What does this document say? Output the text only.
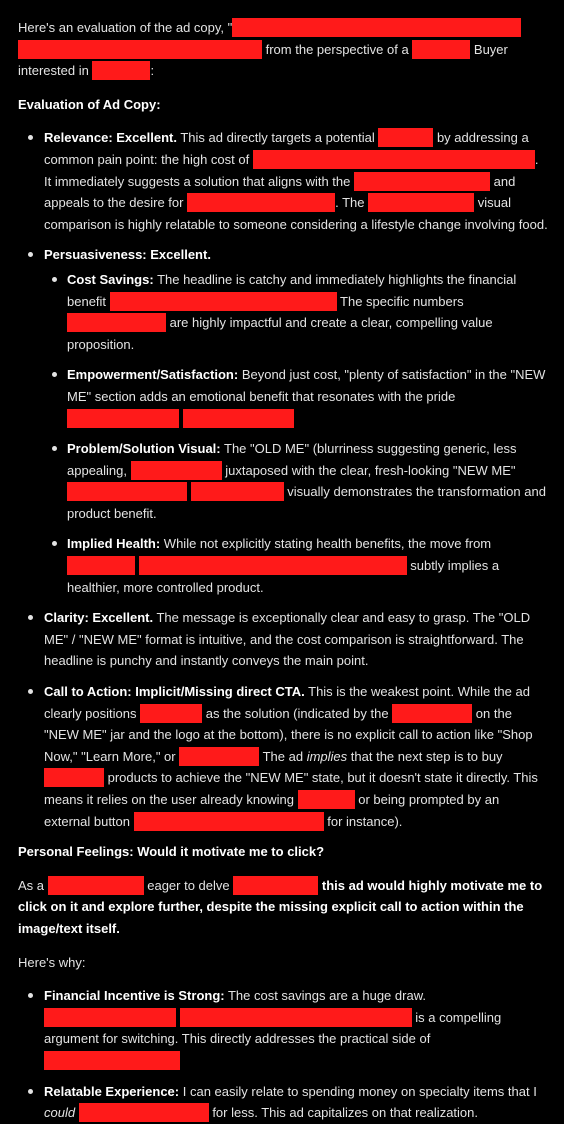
Here's an evaluation of the ad copy, "  from the perspective of a	Buyer interested in	:

Evaluation of Ad Copy:

Relevance: Excellent. This ad directly targets a potential	by addressing a common pain point: the high cost of	. It immediately suggests a solution that aligns with the	and appeals to the desire for	. The	visual comparison is highly relatable to someone considering a lifestyle change involving food.
Persuasiveness: Excellent.
Cost Savings: The headline is catchy and immediately highlights the financial benefit	The specific numbers  are highly impactful and create a clear, compelling value proposition.
Empowerment/Satisfaction: Beyond just cost, "plenty of satisfaction" in the "NEW ME" section adds an emotional benefit that resonates with the pride
Problem/Solution Visual: The "OLD ME" (blurriness suggesting generic, less appealing,	juxtaposed with the clear, fresh-looking "NEW ME"   visually demonstrates the transformation and product benefit.
Implied Health: While not explicitly stating health benefits, the move from   subtly implies a healthier, more controlled product.
Clarity: Excellent. The message is exceptionally clear and easy to grasp. The "OLD ME" / "NEW ME" format is intuitive, and the cost comparison is straightforward. The headline is punchy and instantly conveys the main point.
Call to Action: Implicit/Missing direct CTA. This is the weakest point. While the ad clearly positions	as the solution (indicated by the	on the "NEW ME" jar and the logo at the bottom), there is no explicit call to action like "Shop Now," "Learn More," or	The ad implies that the next step is to buy  products to achieve the "NEW ME" state, but it doesn't state it directly. This means it relies on the user already knowing	or being prompted by an external button	for instance).

Personal Feelings: Would it motivate me to click?

As a	eager to delve	this ad would highly motivate me to click on it and explore further, despite the missing explicit call to action within the image/text itself.

Here's why:

Financial Incentive is Strong: The cost savings are a huge draw.   is a compelling argument for switching. This directly addresses the practical side of
Relatable Experience: I can easily relate to spending money on specialty items that I could	for less. This ad capitalizes on that realization.
